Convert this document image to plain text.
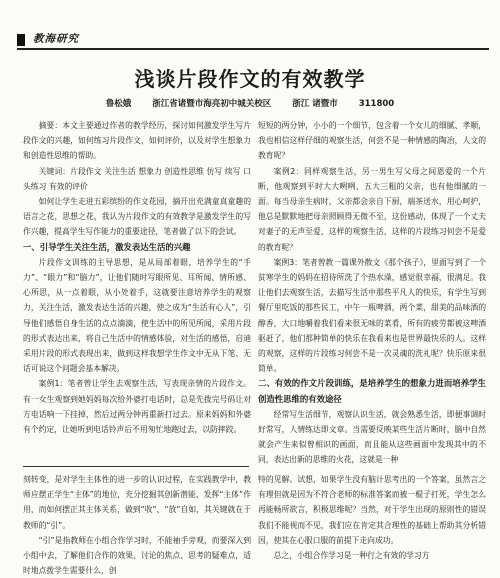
教海研究
浅谈片段作文的有效教学
鲁松娥 浙江省诸暨市海亮初中城关校区 浙江 诸暨市 311800

摘要：本文主要通过作者的教学经历，探讨如何激发学生写片段作文的兴趣，如何练习片段作文，如何评价，以及对学生想象力和创造性思维的帮助。

关键词：片段作文 关注生活 想象力 创造性思维 仿写 续写 口头练习 有效的评价

如何让学生走进五彩缤纷的作文花园，摘开出充满童真童趣的语言之花，思想之花，我认为片段作文的有效教学是激发学生的写作兴趣，提高学生写作能力的重要途径，笔者做了以下的尝试。

一、引导学生关注生活，激发表达生活的兴趣

片段作文训练的主导思想，是从局部着眼，培养学生的“手力”、“眼力”和“脑力”，让他们随时写眼所见、耳所闻、情所感、心所思，从一点着眼，从小处着手，这就要注意培养学生的观察力，关注生活，激发表达生活的兴趣，使之成为“生活有心人”，引导他们感悟自身生活的点点滴滴，使生活中的所见所闻，采用片段的形式表达出来，将自己生活中的情感体验，对生活的感悟，启迪采用片段的形式表现出来，做到这样我想学生作文中无从下笔、无话可说这个问题会基本解决。

案例1：笔者曾让学生去观察生活，写表现亲情的片段作文。有一女生观察到她妈妈每次给外婆打电话时，总是先拨完号码让对方电话响一下挂掉，然后过两分钟再重新打过去。原来妈妈和外婆有个约定，让她听到电话铃声后不用匆忙地跑过去，以防摔跤。

短短的两分钟，小小的一个细节，包含着一个女儿的细腻、孝顺，我也相信这样仔细的观察生活，何尝不是一种情感的陶冶，人文的教育呢？

案例2：同样观察生活，另一男生写父母之间恩爱的一个片断，他观察到平时大大咧咧、五大三粗的父亲，也有他细腻的一面。每当母亲生病时，父亲都会亲自下厨，端茶送水，用心呵护，他总是默默地把母亲照顾得无微不至，这份感动，体现了一个丈夫对妻子的无声至爱，这样的观察生活，这样的片段练习何尝不是爱的教育呢？

案例3：笔者曾教一篇课外散文《那个孩子》，里面写到了一个贫寒学生的妈妈在招待所洗了个热水澡，感觉很幸福，很满足。我让他们去观察生活，去描写生活中那些平凡人的快乐，有学生写到餐厅里吃饭的那些民工，中午一瓶啤酒，两个菜，甜美的品味酒的醇香，大口地嚼着我们看来很无味的菜肴，所有的疲劳都被这啤酒驱赶了，他们那种简单的快乐在我看来也是世界最快乐的人。这样的观察，这样的片段练习何尝不是一次灵魂的洗礼呢？快乐原来很简单。

二、有效的作文片段训练，是培养学生的想象力进而培养学生创造性思维的有效途径

经常写生活细节，观察认识生活，就会熟悉生活，即便事调时好常写，人情练达即文章。当需要反映某些生活片断时，脑中自然就会产生来似曾相识的画面，而且能从这些画面中发现其中的不同，表达出新的思维的火花，这就是一种

刻转变，是对学生主体性的进一步的认识过程，在实践教学中，教师应摆正学生“主体”的地位，充分挖掘其创新潜能，发挥“主体”作用，而如何摆正其主体关系，做到“收”、“放”自如，其关键就在于教师的“引”。

“引”是指教师在小组合作学习时，不能袖手旁观，而要深入到小组中去，了解他们合作的效果、讨论的焦点、思考的疑难点，适时地点拨学生需要什么，创

特的见解。试想，如果学生没有脑计思考出的一个答案，虽然言之有理但就是因为不符合老师的标准答案而被一棍子打死，学生怎么再能畅所欲言，积极思维呢？当然，对于学生出现的原则性的错误我们不能视而不见，我们应在肯定其合理性的基础上帮助其分析错因，使其在心服口服的前提下走向成功。

总之，小组合作学习是一种行之有效的学习方
